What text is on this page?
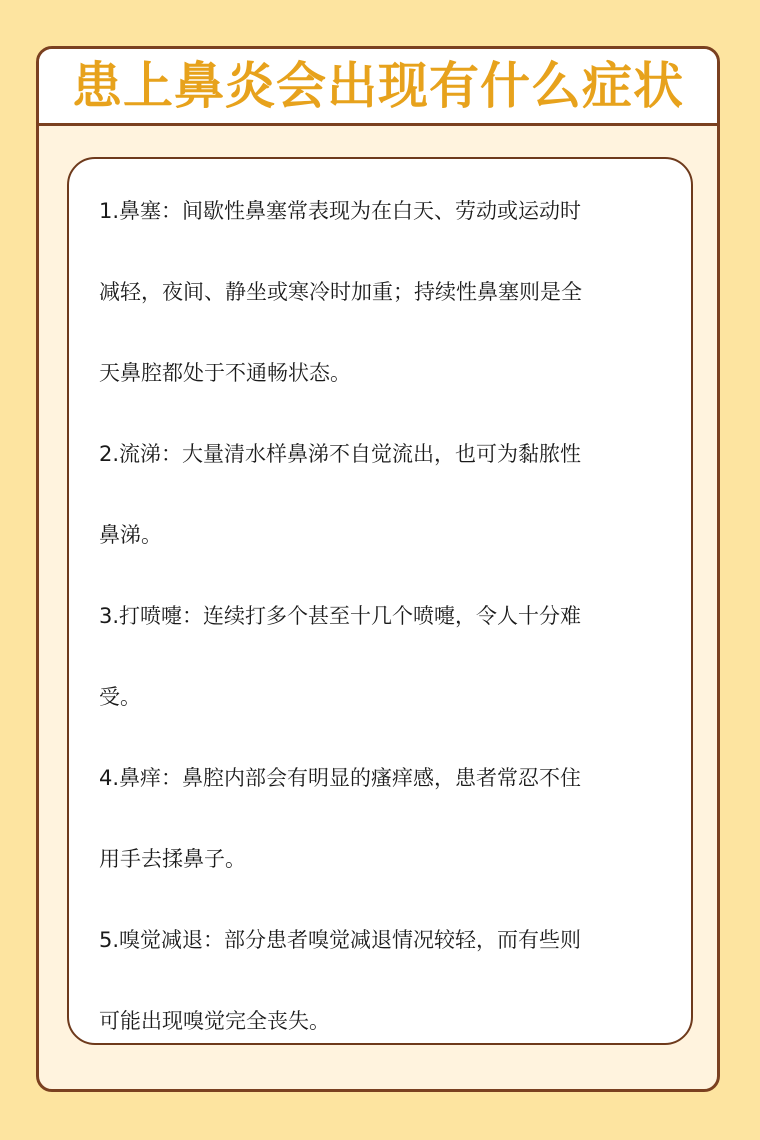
患上鼻炎会出现有什么症状
1.鼻塞：间歇性鼻塞常表现为在白天、劳动或运动时
减轻，夜间、静坐或寒冷时加重；持续性鼻塞则是全
天鼻腔都处于不通畅状态。
2.流涕：大量清水样鼻涕不自觉流出，也可为黏脓性
鼻涕。
3.打喷嚏：连续打多个甚至十几个喷嚏，令人十分难
受。
4.鼻痒：鼻腔内部会有明显的瘙痒感，患者常忍不住
用手去揉鼻子。
5.嗅觉减退：部分患者嗅觉减退情况较轻，而有些则
可能出现嗅觉完全丧失。
